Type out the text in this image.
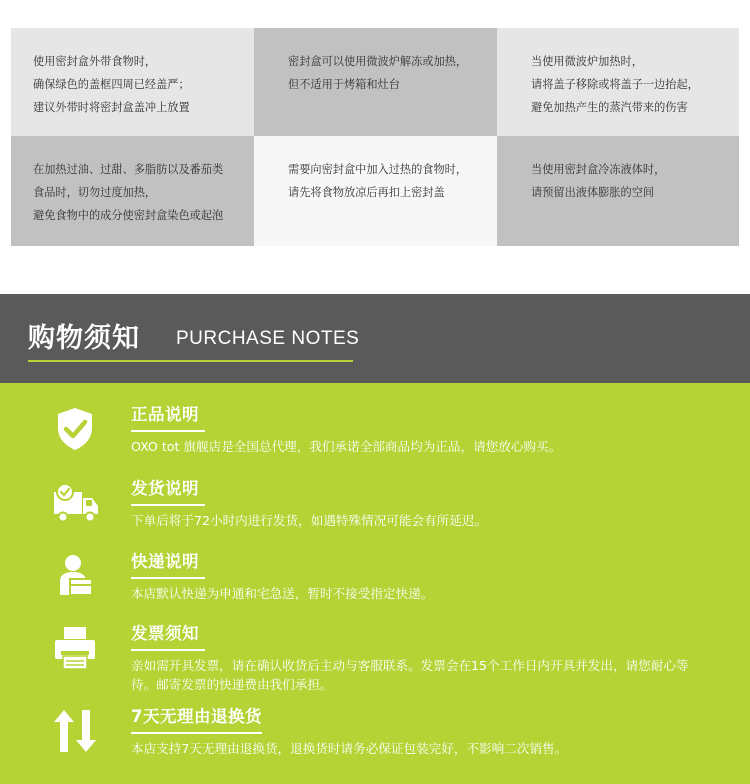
使用密封盒外带食物时，
确保绿色的盖框四周已经盖严；
建议外带时将密封盒盖冲上放置
密封盒可以使用微波炉解冻或加热，
但不适用于烤箱和灶台
当使用微波炉加热时，
请将盖子移除或将盖子一边抬起，
避免加热产生的蒸汽带来的伤害
在加热过油、过甜、多脂肪以及番茄类
食品时，切勿过度加热，
避免食物中的成分使密封盒染色或起泡
需要向密封盒中加入过热的食物时，
请先将食物放凉后再扣上密封盖
当使用密封盒冷冻液体时，
请预留出液体膨胀的空间
购物须知 PURCHASE NOTES
正品说明
OXO tot 旗舰店是全国总代理，我们承诺全部商品均为正品，请您放心购买。
发货说明
下单后将于72小时内进行发货，如遇特殊情况可能会有所延迟。
快递说明
本店默认快递为申通和宅急送，暂时不接受指定快递。
发票须知
亲如需开具发票，请在确认收货后主动与客服联系。发票会在15个工作日内开具并发出，请您耐心等待。邮寄发票的快递费由我们承担。
7天无理由退换货
本店支持7天无理由退换货，退换货时请务必保证包装完好，不影响二次销售。
